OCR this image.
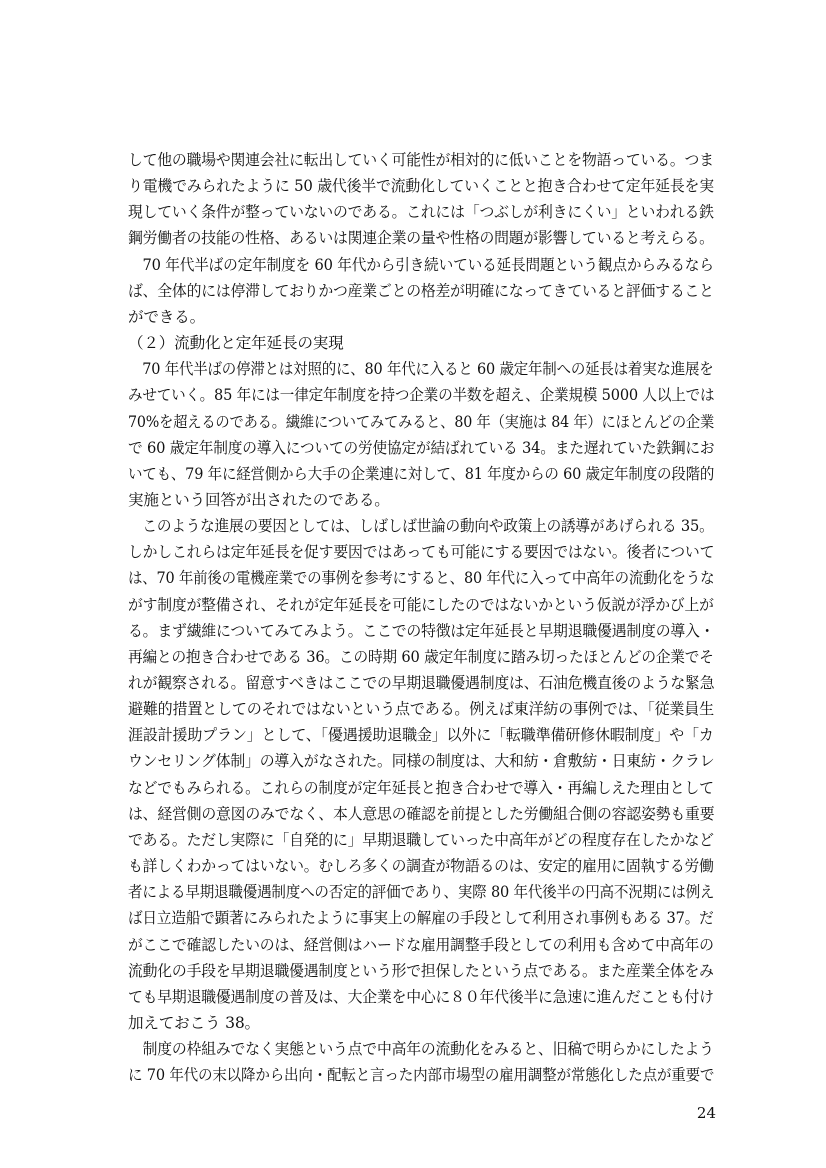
して他の職場や関連会社に転出していく可能性が相対的に低いことを物語っている。つま
り電機でみられたように 50 歳代後半で流動化していくことと抱き合わせて定年延長を実
現していく条件が整っていないのである。これには「つぶしが利きにくい」といわれる鉄
鋼労働者の技能の性格、あるいは関連企業の量や性格の問題が影響していると考えらる。
　70 年代半ばの定年制度を 60 年代から引き続いている延長問題という観点からみるなら
ば、全体的には停滞しておりかつ産業ごとの格差が明確になってきていると評価すること
ができる。
（２）流動化と定年延長の実現
　70 年代半ばの停滞とは対照的に、80 年代に入ると 60 歳定年制への延長は着実な進展を
みせていく。85 年には一律定年制度を持つ企業の半数を超え、企業規模 5000 人以上では
70%を超えるのである。繊維についてみてみると、80 年（実施は 84 年）にほとんどの企業
で 60 歳定年制度の導入についての労使協定が結ばれている 34。また遅れていた鉄鋼にお
いても、79 年に経営側から大手の企業連に対して、81 年度からの 60 歳定年制度の段階的
実施という回答が出されたのである。
　このような進展の要因としては、しばしば世論の動向や政策上の誘導があげられる 35。
しかしこれらは定年延長を促す要因ではあっても可能にする要因ではない。後者について
は、70 年前後の電機産業での事例を参考にすると、80 年代に入って中高年の流動化をうな
がす制度が整備され、それが定年延長を可能にしたのではないかという仮説が浮かび上が
る。まず繊維についてみてみよう。ここでの特徴は定年延長と早期退職優遇制度の導入・
再編との抱き合わせである 36。この時期 60 歳定年制度に踏み切ったほとんどの企業でそ
れが観察される。留意すべきはここでの早期退職優遇制度は、石油危機直後のような緊急
避難的措置としてのそれではないという点である。例えば東洋紡の事例では、「従業員生
涯設計援助プラン」として、「優遇援助退職金」以外に「転職準備研修休暇制度」や「カ
ウンセリング体制」の導入がなされた。同様の制度は、大和紡・倉敷紡・日東紡・クラレ
などでもみられる。これらの制度が定年延長と抱き合わせで導入・再編しえた理由として
は、経営側の意図のみでなく、本人意思の確認を前提とした労働組合側の容認姿勢も重要
である。ただし実際に「自発的に」早期退職していった中高年がどの程度存在したかなど
も詳しくわかってはいない。むしろ多くの調査が物語るのは、安定的雇用に固執する労働
者による早期退職優遇制度への否定的評価であり、実際 80 年代後半の円高不況期には例え
ば日立造船で顕著にみられたように事実上の解雇の手段として利用され事例もある 37。だ
がここで確認したいのは、経営側はハードな雇用調整手段としての利用も含めて中高年の
流動化の手段を早期退職優遇制度という形で担保したという点である。また産業全体をみ
ても早期退職優遇制度の普及は、大企業を中心に８０年代後半に急速に進んだことも付け
加えておこう 38。
　制度の枠組みでなく実態という点で中高年の流動化をみると、旧稿で明らかにしたよう
に 70 年代の末以降から出向・配転と言った内部市場型の雇用調整が常態化した点が重要で
24
